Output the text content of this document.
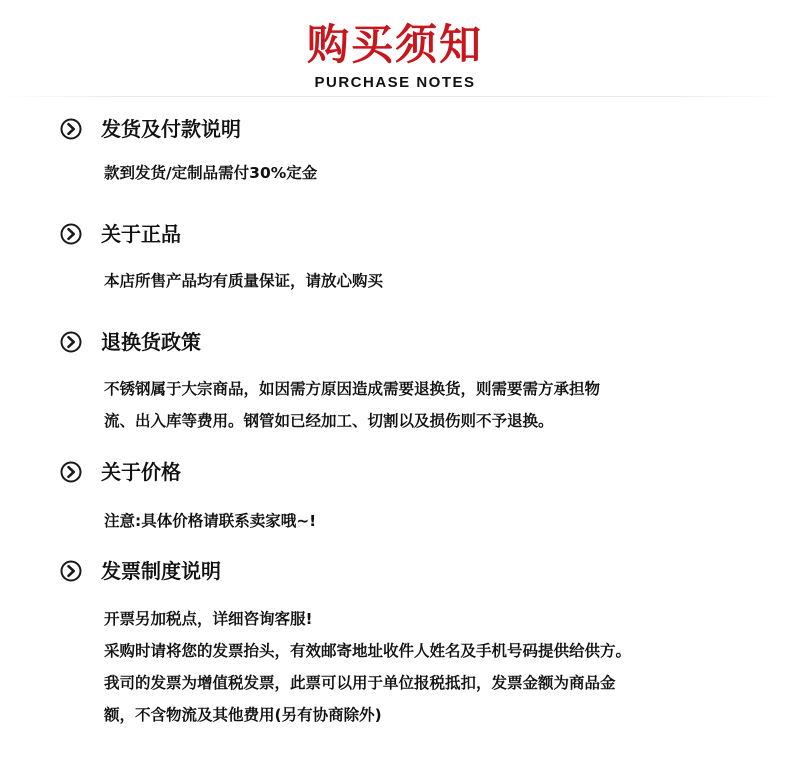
购买须知
PURCHASE NOTES
发货及付款说明
款到发货/定制品需付30%定金
关于正品
本店所售产品均有质量保证，请放心购买
退换货政策
不锈钢属于大宗商品，如因需方原因造成需要退换货，则需要需方承担物
流、出入库等费用。钢管如已经加工、切割以及损伤则不予退换。
关于价格
注意:具体价格请联系卖家哦~!
发票制度说明
开票另加税点，详细咨询客服!
采购时请将您的发票抬头，有效邮寄地址收件人姓名及手机号码提供给供方。
我司的发票为增值税发票，此票可以用于单位报税抵扣，发票金额为商品金
额，不含物流及其他费用(另有协商除外)
